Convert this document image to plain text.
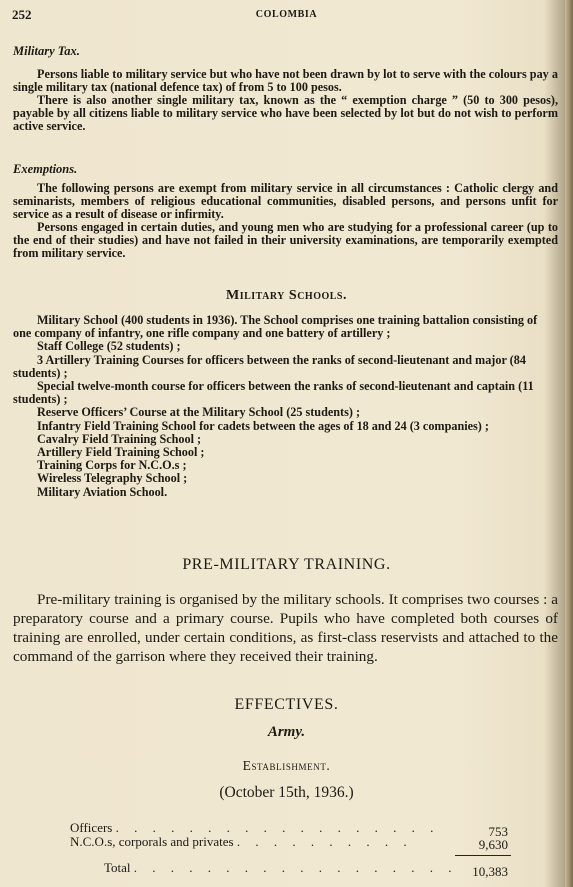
252	COLOMBIA
Military Tax.

Persons liable to military service but who have not been drawn by lot to serve with the colours pay a single military tax (national defence tax) of from 5 to 100 pesos.

There is also another single military tax, known as the “ exemption charge ” (50 to 300 pesos), payable by all citizens liable to military service who have been selected by lot but do not wish to perform active service.

Exemptions.

The following persons are exempt from military service in all circumstances : Catholic clergy and seminarists, members of religious educational communities, disabled persons, and persons unfit for service as a result of disease or infirmity.

Persons engaged in certain duties, and young men who are studying for a professional career (up to the end of their studies) and have not failed in their university examinations, are temporarily exempted from military service.

Military Schools.
Military School (400 students in 1936). The School comprises one training battalion consisting of one company of infantry, one rifle company and one battery of artillery ;
Staff College (52 students) ;
3 Artillery Training Courses for officers between the ranks of second-lieutenant and major (84 students) ;
Special twelve-month course for officers between the ranks of second-lieutenant and captain (11 students) ;
Reserve Officers’ Course at the Military School (25 students) ;
Infantry Field Training School for cadets between the ages of 18 and 24 (3 companies) ;
Cavalry Field Training School ;
Artillery Field Training School ;
Training Corps for N.C.O.s ;
Wireless Telegraphy School ;
Military Aviation School.
PRE-MILITARY TRAINING.

Pre-military training is organised by the military schools. It comprises two courses : a preparatory course and a primary course. Pupils who have completed both courses of training are enrolled, under certain conditions, as first-class reservists and attached to the command of the garrison where they received their training.

EFFECTIVES.
Army.
Establishment.
(October 15th, 1936.)
Officers . . . . . . . . . . . . . . . . . .	753
N.C.O.s, corporals and privates . . . . . . . . . .	9,630
Total . . . . . . . . . . . . . . . . . . 10,383
